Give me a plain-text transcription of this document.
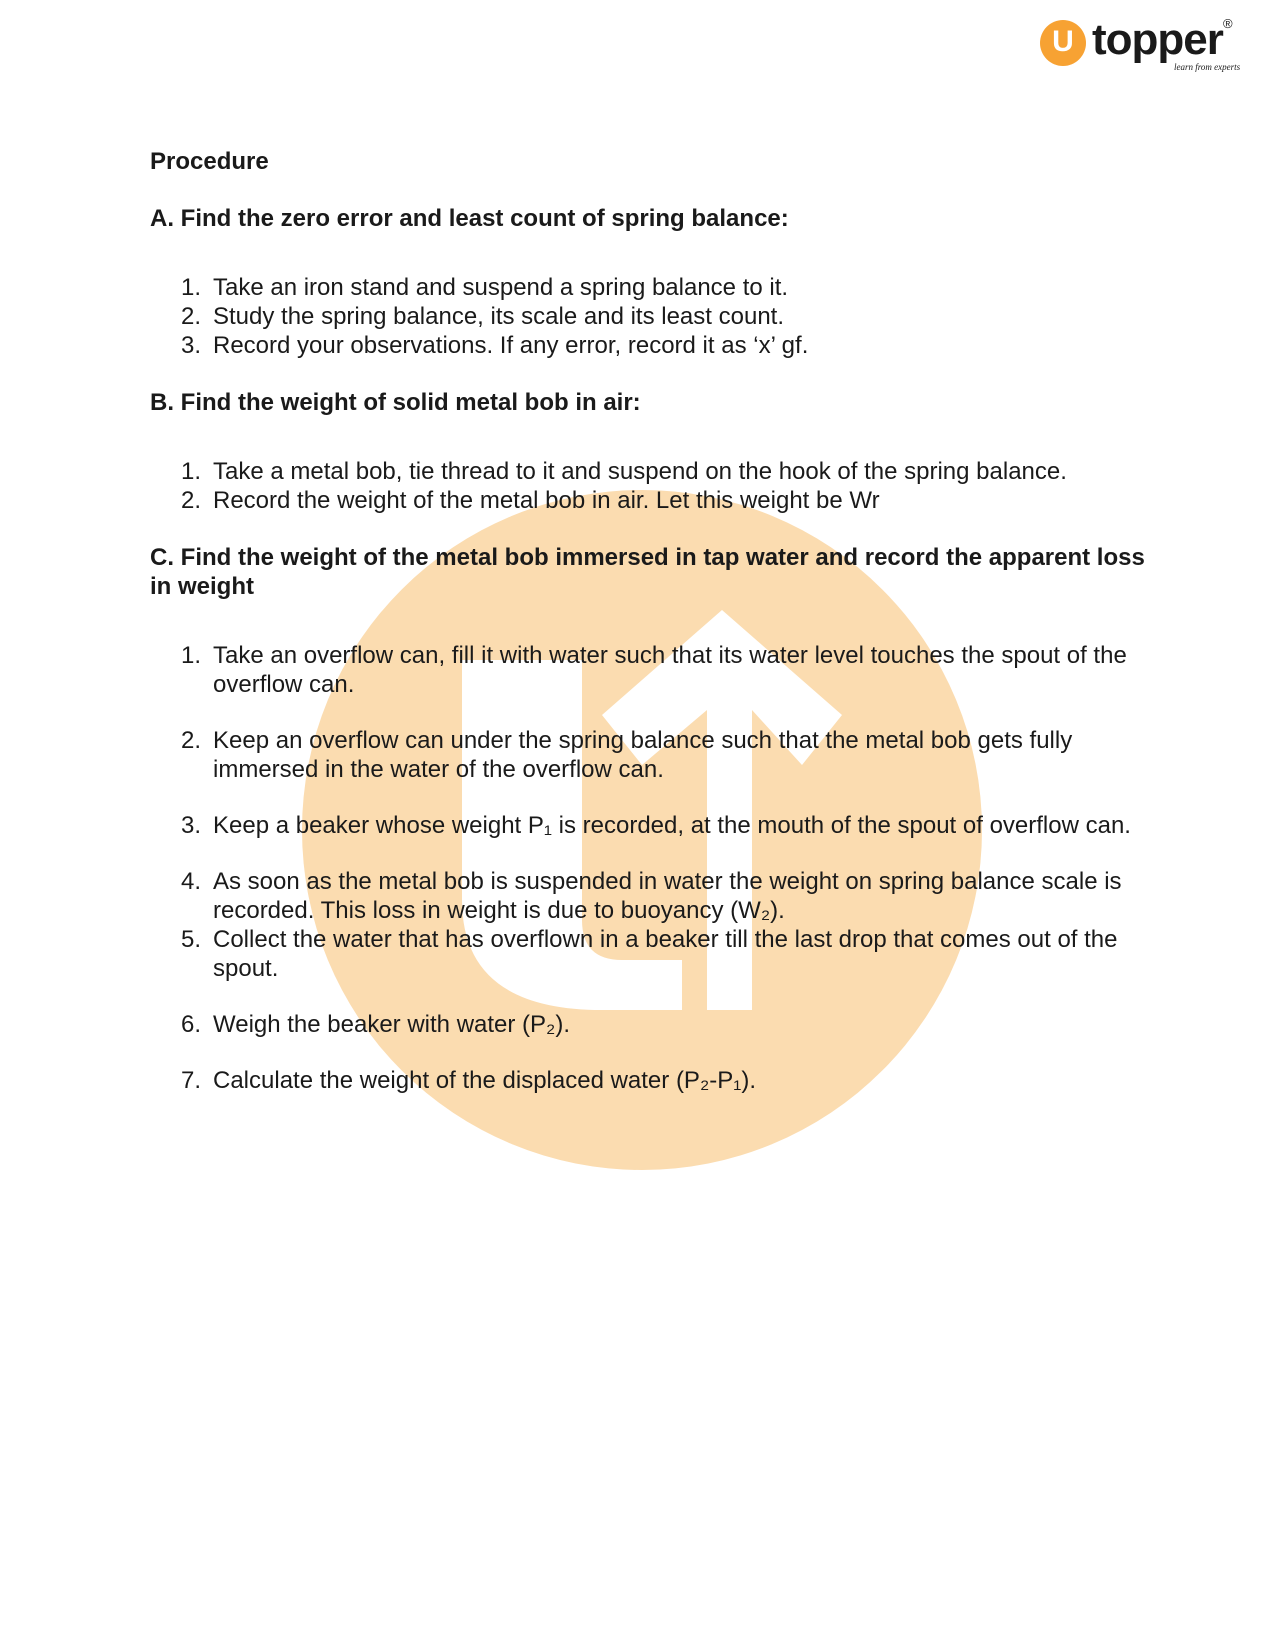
U topper ®
learn from experts
Procedure
A. Find the zero error and least count of spring balance:
1. Take an iron stand and suspend a spring balance to it.
2. Study the spring balance, its scale and its least count.
3. Record your observations. If any error, record it as ‘x’ gf.
B. Find the weight of solid metal bob in air:
1. Take a metal bob, tie thread to it and suspend on the hook of the spring balance.
2. Record the weight of the metal bob in air. Let this weight be Wr
C. Find the weight of the metal bob immersed in tap water and record the apparent loss in weight
1. Take an overflow can, fill it with water such that its water level touches the spout of the overflow can.
2. Keep an overflow can under the spring balance such that the metal bob gets fully immersed in the water of the overflow can.
3. Keep a beaker whose weight P₁ is recorded, at the mouth of the spout of overflow can.
4. As soon as the metal bob is suspended in water the weight on spring balance scale is recorded. This loss in weight is due to buoyancy (W₂).
5. Collect the water that has overflown in a beaker till the last drop that comes out of the spout.
6. Weigh the beaker with water (P₂).
7. Calculate the weight of the displaced water (P₂-P₁).
